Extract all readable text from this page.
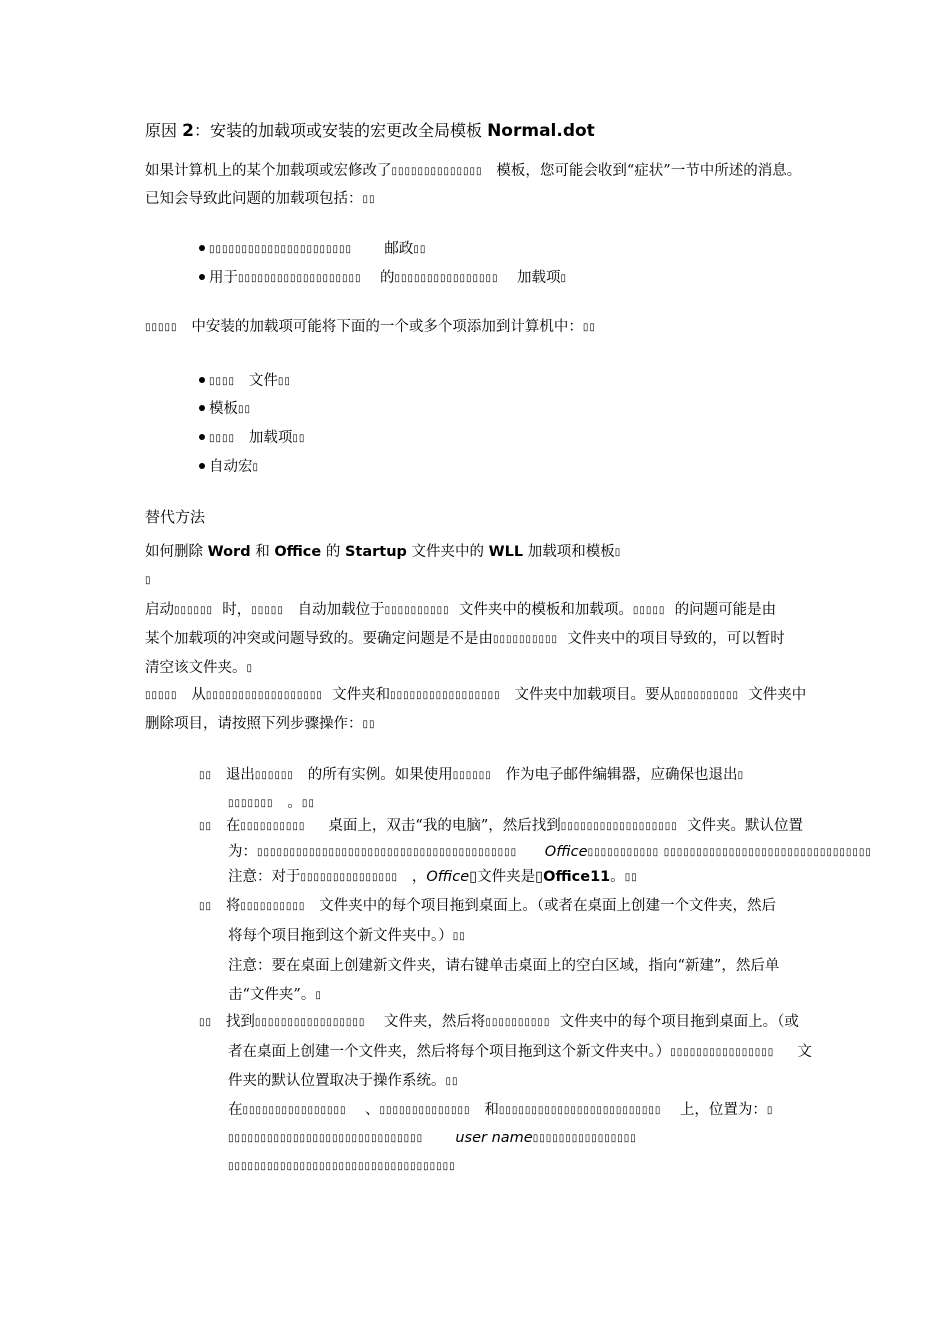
原因 2：安装的加载项或安装的宏更改全局模板 Normal.dot
如果计算机上的某个加载项或宏修改了▯▯▯▯▯▯▯▯▯▯▯▯▯▯ 模板，您可能会收到“症状”一节中所述的消息。
已知会导致此问题的加载项包括：▯▯
▯▯▯▯▯▯▯▯▯▯▯▯▯▯▯▯▯▯▯▯▯▯ 邮政▯▯
用于▯▯▯▯▯▯▯▯▯▯▯▯▯▯▯▯▯▯▯ 的▯▯▯▯▯▯▯▯▯▯▯▯▯▯▯▯ 加载项▯
▯▯▯▯▯ 中安装的加载项可能将下面的一个或多个项添加到计算机中：▯▯
▯▯▯▯ 文件▯▯
模板▯▯
▯▯▯▯ 加载项▯▯
自动宏▯
替代方法
如何删除 Word 和 Office 的 Startup 文件夹中的 WLL 加载项和模板▯
▯
启动▯▯▯▯▯▯ 时，▯▯▯▯▯ 自动加载位于▯▯▯▯▯▯▯▯▯▯ 文件夹中的模板和加载项。▯▯▯▯▯ 的问题可能是由
某个加载项的冲突或问题导致的。要确定问题是不是由▯▯▯▯▯▯▯▯▯▯ 文件夹中的项目导致的，可以暂时
清空该文件夹。▯
▯▯▯▯▯ 从▯▯▯▯▯▯▯▯▯▯▯▯▯▯▯▯▯▯ 文件夹和▯▯▯▯▯▯▯▯▯▯▯▯▯▯▯▯▯ 文件夹中加载项目。要从▯▯▯▯▯▯▯▯▯▯ 文件夹中
删除项目，请按照下列步骤操作：▯▯
▯▯ 退出▯▯▯▯▯▯ 的所有实例。如果使用▯▯▯▯▯▯ 作为电子邮件编辑器，应确保也退出▯
▯▯▯▯▯▯▯ 。▯▯
▯▯ 在▯▯▯▯▯▯▯▯▯▯ 桌面上，双击“我的电脑”，然后找到▯▯▯▯▯▯▯▯▯▯▯▯▯▯▯▯▯▯ 文件夹。默认位置
为：▯▯▯▯▯▯▯▯▯▯▯▯▯▯▯▯▯▯▯▯▯▯▯▯▯▯▯▯▯▯▯▯▯▯▯▯▯▯▯▯ Office▯▯▯▯▯▯▯▯▯▯▯ ▯▯▯▯▯▯▯▯▯▯▯▯▯▯▯▯▯▯▯▯▯▯▯▯▯▯▯▯▯▯▯▯
注意：对于▯▯▯▯▯▯▯▯▯▯▯▯▯▯▯ ，Office▯文件夹是▯Office11。▯▯
▯▯ 将▯▯▯▯▯▯▯▯▯▯ 文件夹中的每个项目拖到桌面上。（或者在桌面上创建一个文件夹，然后
将每个项目拖到这个新文件夹中。）▯▯
注意：要在桌面上创建新文件夹，请右键单击桌面上的空白区域，指向“新建”，然后单
击“文件夹”。▯
▯▯ 找到▯▯▯▯▯▯▯▯▯▯▯▯▯▯▯▯▯ 文件夹，然后将▯▯▯▯▯▯▯▯▯▯ 文件夹中的每个项目拖到桌面上。（或
者在桌面上创建一个文件夹，然后将每个项目拖到这个新文件夹中。）▯▯▯▯▯▯▯▯▯▯▯▯▯▯▯▯ 文
件夹的默认位置取决于操作系统。▯▯
在▯▯▯▯▯▯▯▯▯▯▯▯▯▯▯▯ 、▯▯▯▯▯▯▯▯▯▯▯▯▯▯ 和▯▯▯▯▯▯▯▯▯▯▯▯▯▯▯▯▯▯▯▯▯▯▯▯▯ 上，位置为：▯
▯▯▯▯▯▯▯▯▯▯▯▯▯▯▯▯▯▯▯▯▯▯▯▯▯▯▯▯▯▯ user name▯▯▯▯▯▯▯▯▯▯▯▯▯▯▯▯
▯▯▯▯▯▯▯▯▯▯▯▯▯▯▯▯▯▯▯▯▯▯▯▯▯▯▯▯▯▯▯▯▯▯▯
